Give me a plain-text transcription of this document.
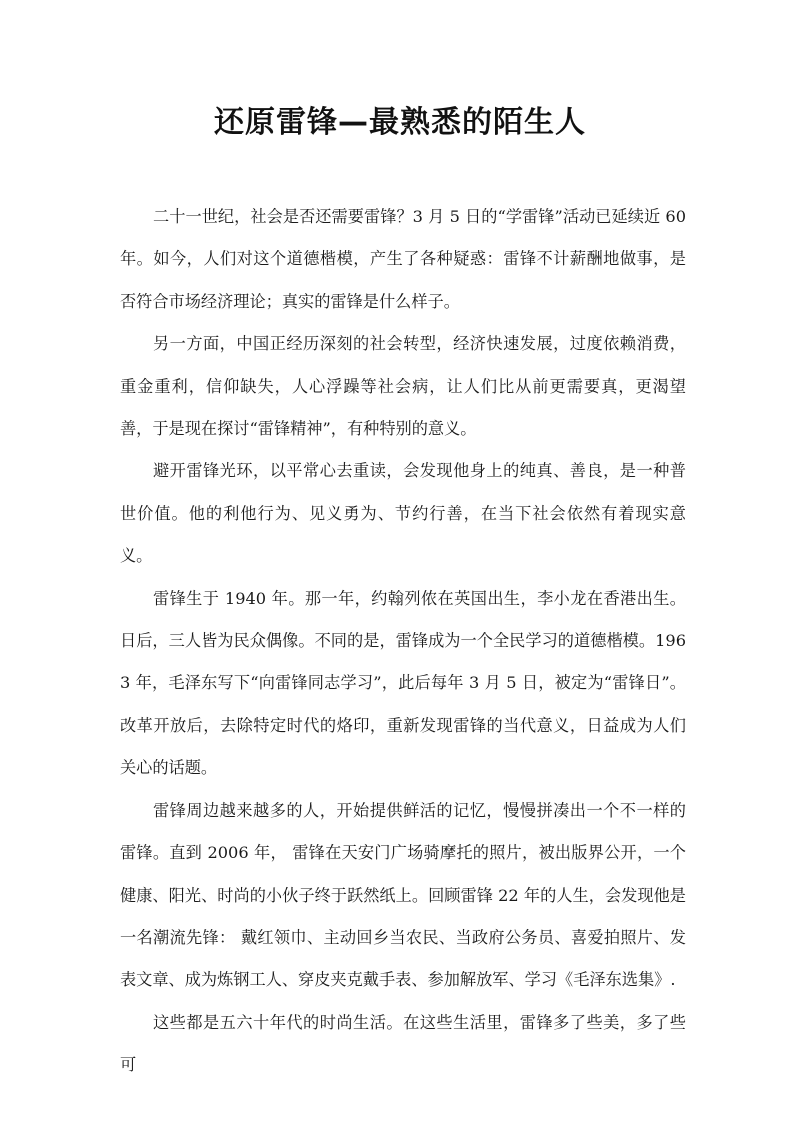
还原雷锋—最熟悉的陌生人

二十一世纪，社会是否还需要雷锋？3 月 5 日的“学雷锋”活动已延续近 60 年。如今，人们对这个道德楷模，产生了各种疑惑：雷锋不计薪酬地做事，是否符合市场经济理论；真实的雷锋是什么样子。

另一方面，中国正经历深刻的社会转型，经济快速发展，过度依赖消费，重金重利，信仰缺失，人心浮躁等社会病，让人们比从前更需要真，更渴望善，于是现在探讨“雷锋精神”，有种特别的意义。

避开雷锋光环，以平常心去重读，会发现他身上的纯真、善良，是一种普世价值。他的利他行为、见义勇为、节约行善，在当下社会依然有着现实意义。

雷锋生于 1940 年。那一年，约翰列侬在英国出生，李小龙在香港出生。日后，三人皆为民众偶像。不同的是，雷锋成为一个全民学习的道德楷模。1963 年，毛泽东写下“向雷锋同志学习”，此后每年 3 月 5 日，被定为“雷锋日”。改革开放后，去除特定时代的烙印，重新发现雷锋的当代意义，日益成为人们关心的话题。

雷锋周边越来越多的人，开始提供鲜活的记忆，慢慢拼凑出一个不一样的雷锋。直到 2006 年， 雷锋在天安门广场骑摩托的照片，被出版界公开，一个健康、阳光、时尚的小伙子终于跃然纸上。回顾雷锋 22 年的人生，会发现他是一名潮流先锋： 戴红领巾、主动回乡当农民、当政府公务员、喜爱拍照片、发表文章、成为炼钢工人、穿皮夹克戴手表、参加解放军、学习《毛泽东选集》.

这些都是五六十年代的时尚生活。在这些生活里，雷锋多了些美，多了些可
